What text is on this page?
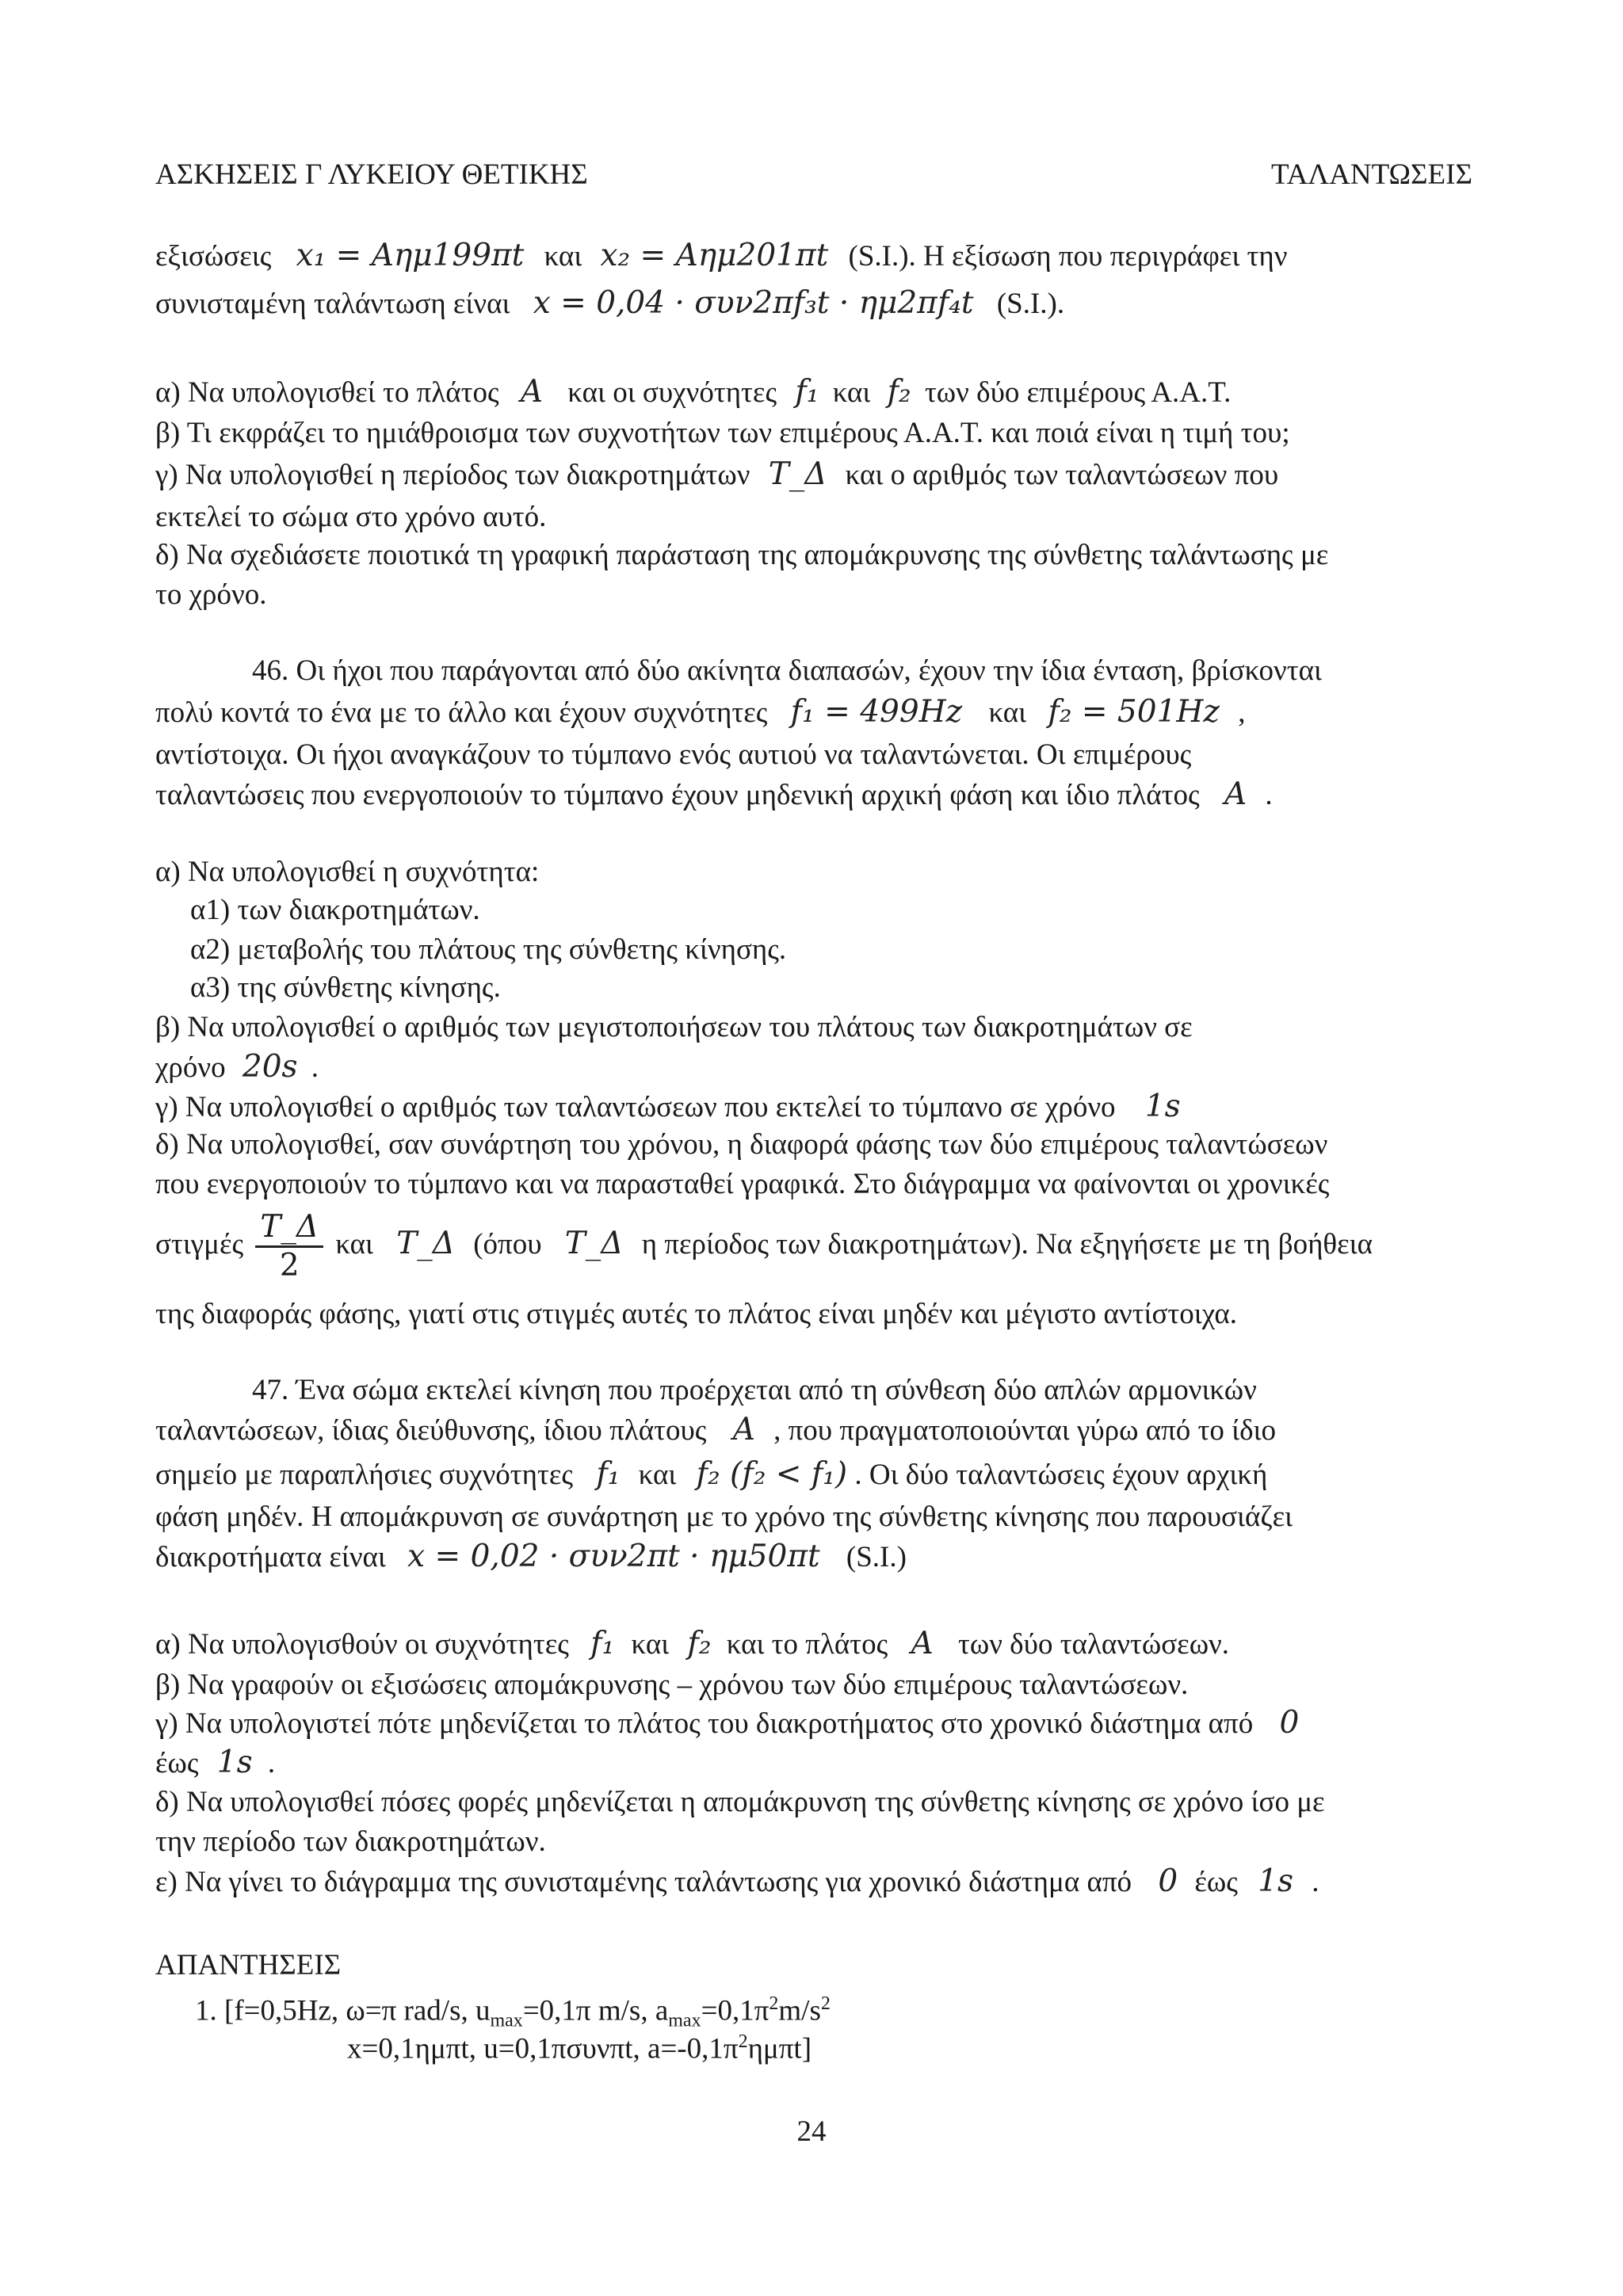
ΑΣΚΗΣΕΙΣ Γ ΛΥΚΕΙΟΥ ΘΕΤΙΚΗΣ	ΤΑΛΑΝΤΩΣΕΙΣ
εξισώσεις x₁ = Αημ199πt και x₂ = Αημ201πt (S.I.). Η εξίσωση που περιγράφει την
συνισταμένη ταλάντωση είναι x = 0,04 · συν2πf₃t · ημ2πf₄t (S.I.).
α) Να υπολογισθεί το πλάτος A και οι συχνότητες f₁ και f₂ των δύο επιμέρους Α.Α.Τ.
β) Τι εκφράζει το ημιάθροισμα των συχνοτήτων των επιμέρους Α.Α.Τ. και ποιά είναι η τιμή του;
γ) Να υπολογισθεί η περίοδος των διακροτημάτων T_Δ και ο αριθμός των ταλαντώσεων που
εκτελεί το σώμα στο χρόνο αυτό.
δ) Να σχεδιάσετε ποιοτικά τη γραφική παράσταση της απομάκρυνσης της σύνθετης ταλάντωσης με
το χρόνο.
46. Οι ήχοι που παράγονται από δύο ακίνητα διαπασών, έχουν την ίδια ένταση, βρίσκονται
πολύ κοντά το ένα με το άλλο και έχουν συχνότητες f₁ = 499Hz και f₂ = 501Hz ,
αντίστοιχα. Οι ήχοι αναγκάζουν το τύμπανο ενός αυτιού να ταλαντώνεται. Οι επιμέρους
ταλαντώσεις που ενεργοποιούν το τύμπανο έχουν μηδενική αρχική φάση και ίδιο πλάτος A .
α) Να υπολογισθεί η συχνότητα:
α1) των διακροτημάτων.
α2) μεταβολής του πλάτους της σύνθετης κίνησης.
α3) της σύνθετης κίνησης.
β) Να υπολογισθεί ο αριθμός των μεγιστοποιήσεων του πλάτους των διακροτημάτων σε
χρόνο 20s .
γ) Να υπολογισθεί ο αριθμός των ταλαντώσεων που εκτελεί το τύμπανο σε χρόνο 1s
δ) Να υπολογισθεί, σαν συνάρτηση του χρόνου, η διαφορά φάσης των δύο επιμέρους ταλαντώσεων
που ενεργοποιούν το τύμπανο και να παρασταθεί γραφικά. Στο διάγραμμα να φαίνονται οι χρονικές
στιγμές $\frac{T\_\Delta}{2}$ και T_Δ (όπου T_Δ η περίοδος των διακροτημάτων). Να εξηγήσετε με τη βοήθεια
της διαφοράς φάσης, γιατί στις στιγμές αυτές το πλάτος είναι μηδέν και μέγιστο αντίστοιχα.
47. Ένα σώμα εκτελεί κίνηση που προέρχεται από τη σύνθεση δύο απλών αρμονικών
ταλαντώσεων, ίδιας διεύθυνσης, ίδιου πλάτους A , που πραγματοποιούνται γύρω από το ίδιο
σημείο με παραπλήσιες συχνότητες f₁ και f₂ (f₂ < f₁) . Οι δύο ταλαντώσεις έχουν αρχική
φάση μηδέν. Η απομάκρυνση σε συνάρτηση με το χρόνο της σύνθετης κίνησης που παρουσιάζει
διακροτήματα είναι x = 0,02 · συν2πt · ημ50πt (S.I.)
α) Να υπολογισθούν οι συχνότητες f₁ και f₂ και το πλάτος A των δύο ταλαντώσεων.
β) Να γραφούν οι εξισώσεις απομάκρυνσης – χρόνου των δύο επιμέρους ταλαντώσεων.
γ) Να υπολογιστεί πότε μηδενίζεται το πλάτος του διακροτήματος στο χρονικό διάστημα από 0
έως 1s .
δ) Να υπολογισθεί πόσες φορές μηδενίζεται η απομάκρυνση της σύνθετης κίνησης σε χρόνο ίσο με
την περίοδο των διακροτημάτων.
ε) Να γίνει το διάγραμμα της συνισταμένης ταλάντωσης για χρονικό διάστημα από 0 έως 1s .
ΑΠΑΝΤΗΣΕΙΣ
1. [f=0,5Hz, ω=π rad/s, $u_{max}=0,1\pi$ m/s, $a_{max}=0,1\pi^2m/s^2$
x=0,1ημπt, u=0,1πσυνπt, $a=-0,1\pi^2\eta\mu\pi t$]
24
